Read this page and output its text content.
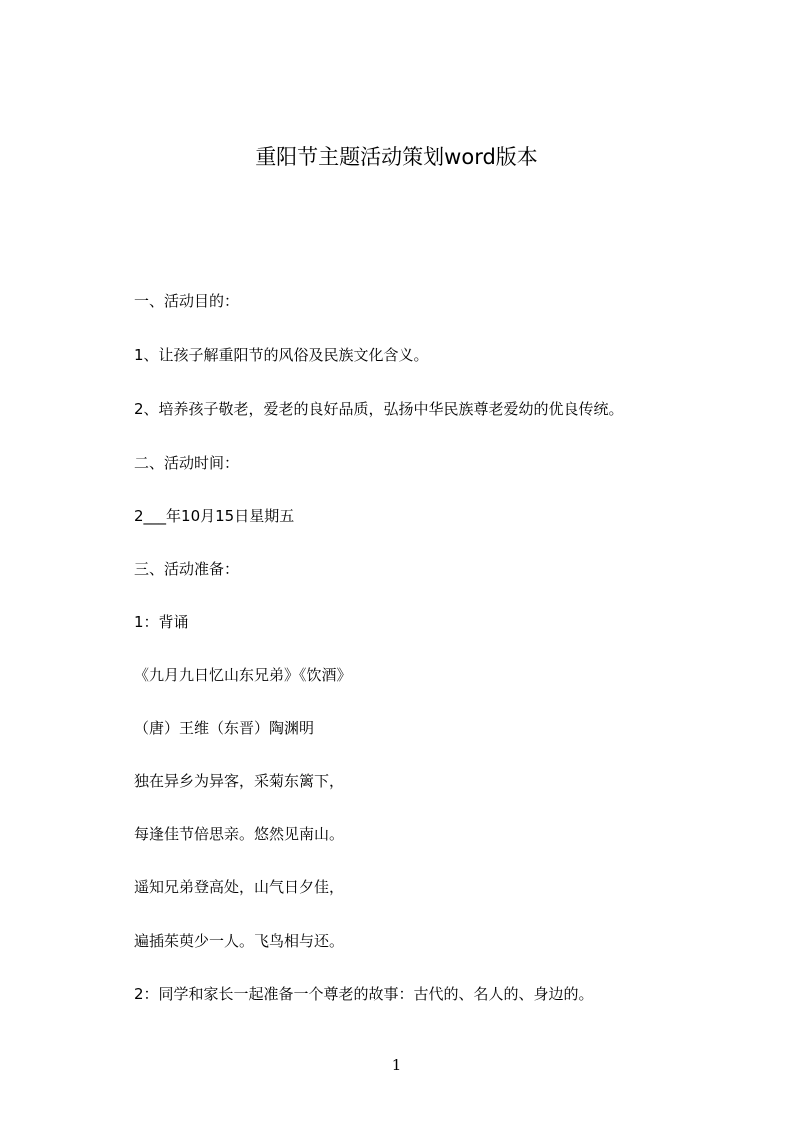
重阳节主题活动策划word版本
一、活动目的：
1、让孩子解重阳节的风俗及民族文化含义。
2、培养孩子敬老，爱老的良好品质，弘扬中华民族尊老爱幼的优良传统。
二、活动时间：
2___年10月15日星期五
三、活动准备：
1：背诵
《九月九日忆山东兄弟》《饮酒》
（唐）王维（东晋）陶渊明
独在异乡为异客，采菊东篱下，
每逢佳节倍思亲。悠然见南山。
遥知兄弟登高处，山气日夕佳，
遍插茱萸少一人。飞鸟相与还。
2：同学和家长一起准备一个尊老的故事：古代的、名人的、身边的。
1
